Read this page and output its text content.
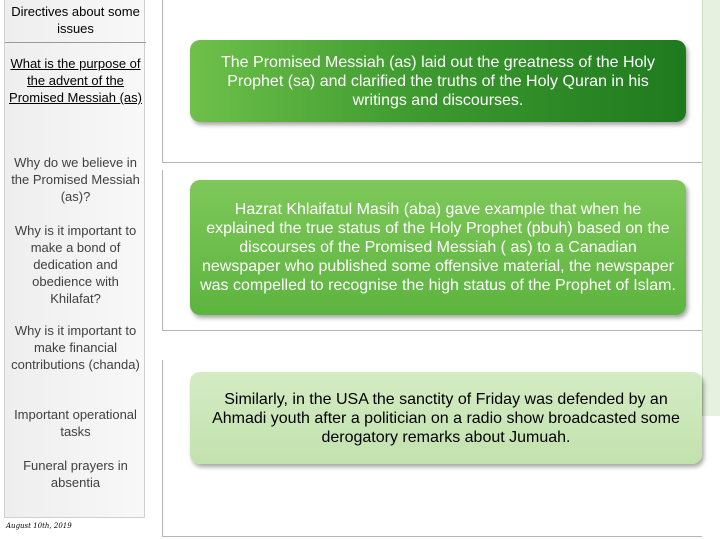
Directives about some issues
What is the purpose of the advent of the Promised Messiah (as)
Why do we believe in the Promised Messiah (as)?
Why is it important to make a bond of dedication and obedience with Khilafat?
Why is it important to make financial contributions (chanda)
Important operational tasks
Funeral prayers in absentia
August 10th, 2019
The Promised Messiah (as) laid out the greatness of the Holy Prophet (sa) and clarified the truths of the Holy Quran in his writings and discourses.
Hazrat Khlaifatul Masih (aba) gave example that when he explained the true status of the Holy Prophet (pbuh) based on the discourses of the Promised Messiah ( as) to a Canadian newspaper who published some offensive material, the newspaper was compelled to recognise the high status of the Prophet of Islam.
Similarly, in the USA the sanctity of Friday was defended by an Ahmadi youth after a politician on a radio show broadcasted some derogatory remarks about Jumuah.
